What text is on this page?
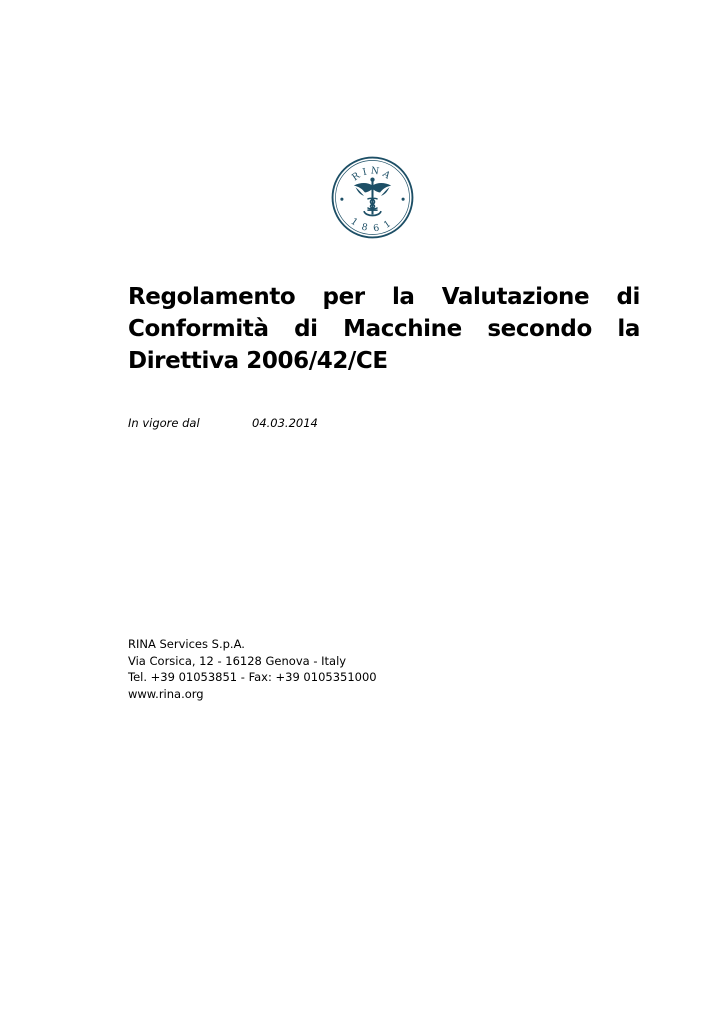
RINA
1861
Regolamento per la Valutazione di Conformità di Macchine secondo la Direttiva 2006/42/CE
In vigore dal	04.03.2014
RINA Services S.p.A.
Via Corsica, 12 - 16128 Genova - Italy
Tel. +39 01053851 - Fax: +39 0105351000
www.rina.org
